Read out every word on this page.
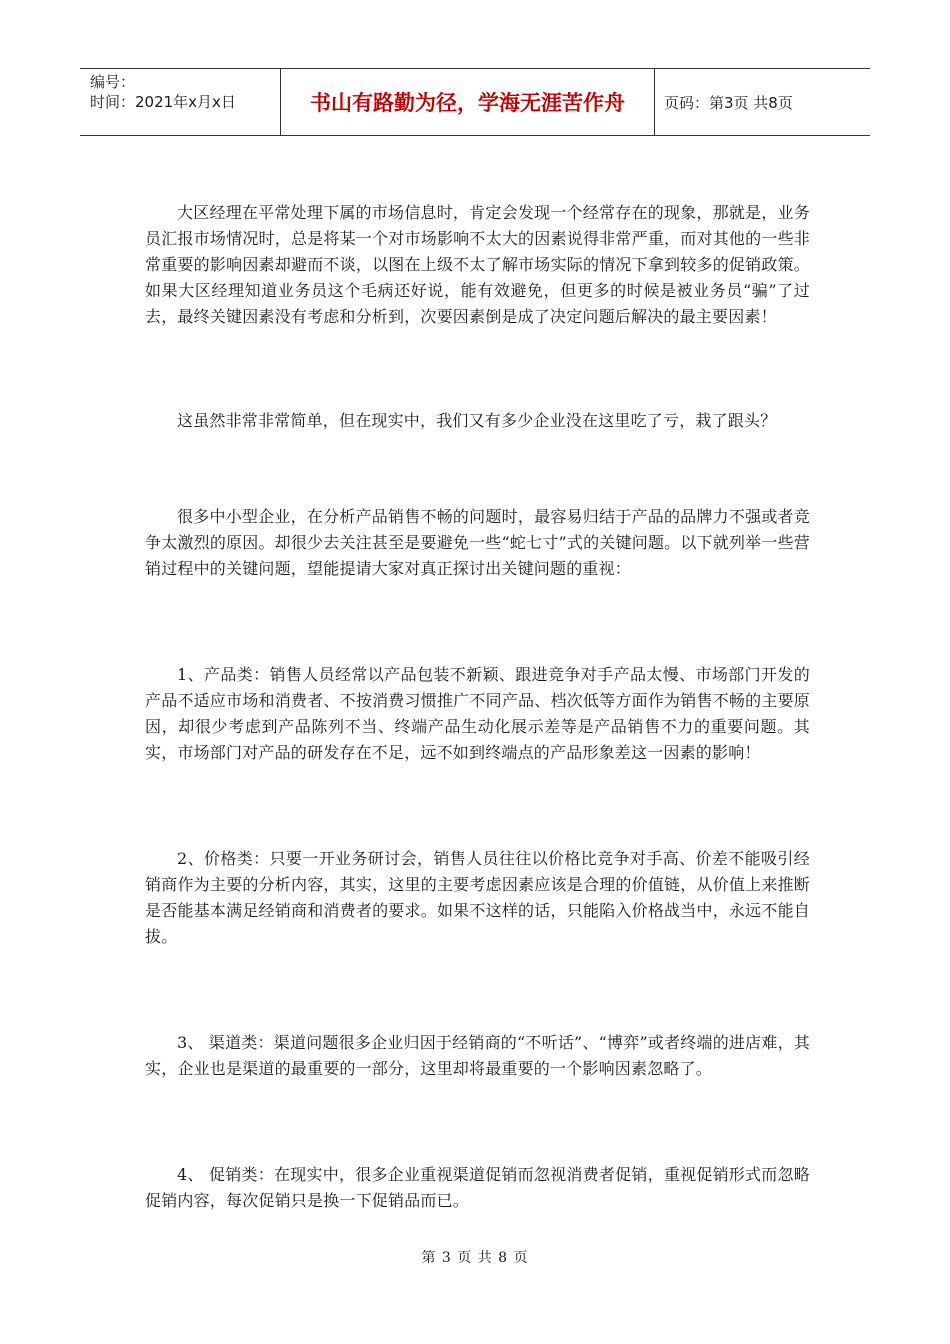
编号：
时间：2021年x月x日	书山有路勤为径，学海无涯苦作舟	页码：第3页 共8页

大区经理在平常处理下属的市场信息时，肯定会发现一个经常存在的现象，那就是，业务员汇报市场情况时，总是将某一个对市场影响不太大的因素说得非常严重，而对其他的一些非常重要的影响因素却避而不谈，以图在上级不太了解市场实际的情况下拿到较多的促销政策。如果大区经理知道业务员这个毛病还好说，能有效避免，但更多的时候是被业务员“骗”了过去，最终关键因素没有考虑和分析到，次要因素倒是成了决定问题后解决的最主要因素！

这虽然非常非常简单，但在现实中，我们又有多少企业没在这里吃了亏，栽了跟头？

很多中小型企业，在分析产品销售不畅的问题时，最容易归结于产品的品牌力不强或者竞争太激烈的原因。却很少去关注甚至是要避免一些“蛇七寸”式的关键问题。以下就列举一些营销过程中的关键问题，望能提请大家对真正探讨出关键问题的重视：

1、产品类：销售人员经常以产品包装不新颖、跟进竞争对手产品太慢、市场部门开发的产品不适应市场和消费者、不按消费习惯推广不同产品、档次低等方面作为销售不畅的主要原因，却很少考虑到产品陈列不当、终端产品生动化展示差等是产品销售不力的重要问题。其实，市场部门对产品的研发存在不足，远不如到终端点的产品形象差这一因素的影响！

2、价格类：只要一开业务研讨会，销售人员往往以价格比竞争对手高、价差不能吸引经销商作为主要的分析内容，其实，这里的主要考虑因素应该是合理的价值链，从价值上来推断是否能基本满足经销商和消费者的要求。如果不这样的话，只能陷入价格战当中，永远不能自拔。

3、 渠道类：渠道问题很多企业归因于经销商的“不听话”、“博弈”或者终端的进店难，其实，企业也是渠道的最重要的一部分，这里却将最重要的一个影响因素忽略了。

4、 促销类：在现实中，很多企业重视渠道促销而忽视消费者促销，重视促销形式而忽略促销内容，每次促销只是换一下促销品而已。

第 3 页 共 8 页
